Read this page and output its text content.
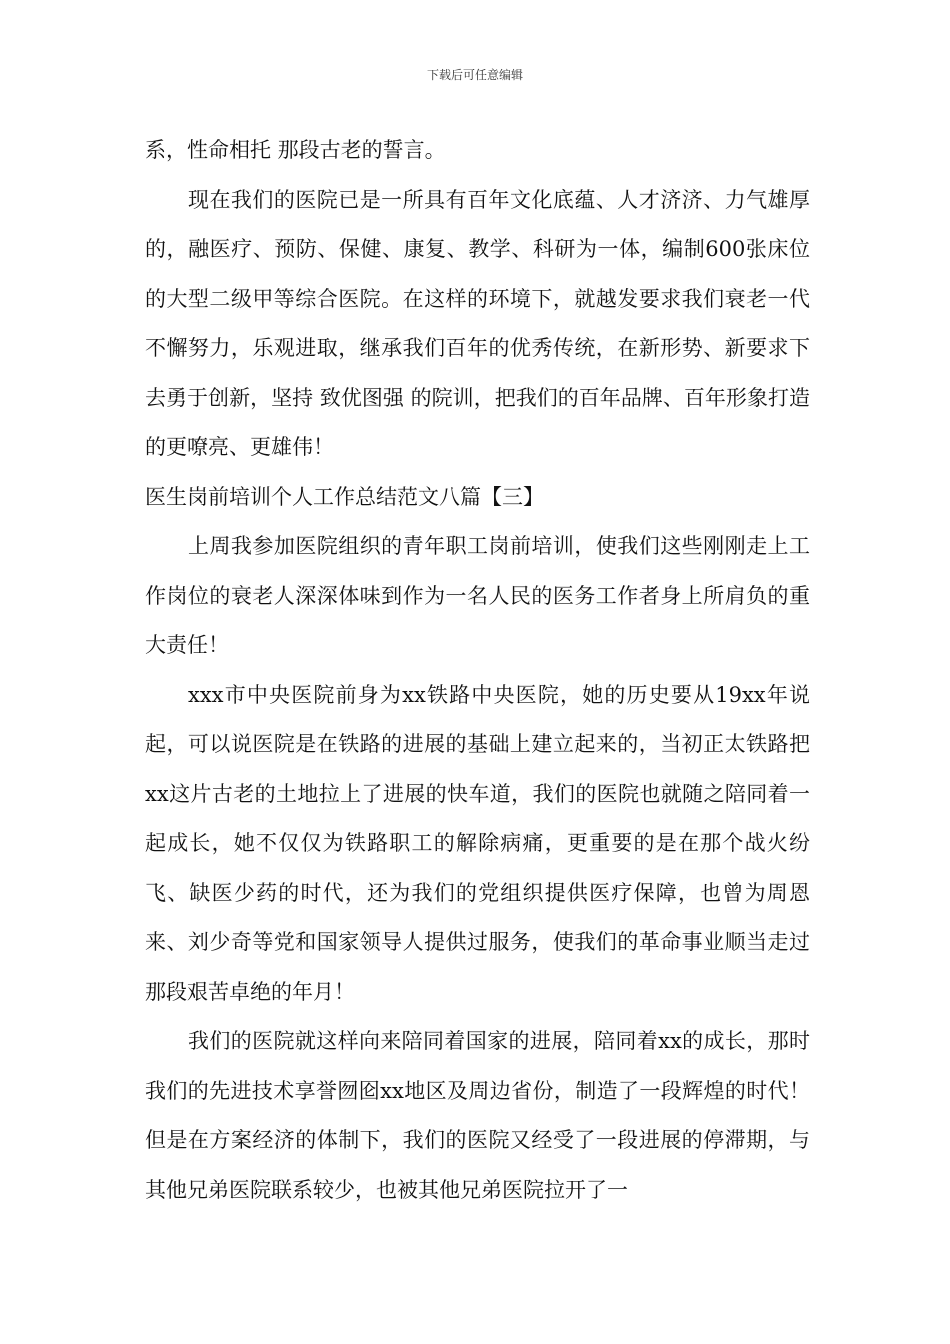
下载后可任意编辑

系，性命相托 那段古老的誓言。

现在我们的医院已是一所具有百年文化底蕴、人才济济、力气雄厚的，融医疗、预防、保健、康复、教学、科研为一体，编制600张床位的大型二级甲等综合医院。在这样的环境下，就越发要求我们衰老一代不懈努力，乐观进取，继承我们百年的优秀传统，在新形势、新要求下去勇于创新，坚持 致优图强 的院训，把我们的百年品牌、百年形象打造的更嘹亮、更雄伟！

医生岗前培训个人工作总结范文八篇【三】

上周我参加医院组织的青年职工岗前培训，使我们这些刚刚走上工作岗位的衰老人深深体味到作为一名人民的医务工作者身上所肩负的重大责任！

xxx市中央医院前身为xx铁路中央医院，她的历史要从19xx年说起，可以说医院是在铁路的进展的基础上建立起来的，当初正太铁路把xx这片古老的土地拉上了进展的快车道，我们的医院也就随之陪同着一起成长，她不仅仅为铁路职工的解除病痛，更重要的是在那个战火纷飞、缺医少药的时代，还为我们的党组织提供医疗保障，也曾为周恩来、刘少奇等党和国家领导人提供过服务，使我们的革命事业顺当走过那段艰苦卓绝的年月！

我们的医院就这样向来陪同着国家的进展，陪同着xx的成长，那时我们的先进技术享誉囫囵xx地区及周边省份，制造了一段辉煌的时代！但是在方案经济的体制下，我们的医院又经受了一段进展的停滞期，与其他兄弟医院联系较少，也被其他兄弟医院拉开了一
